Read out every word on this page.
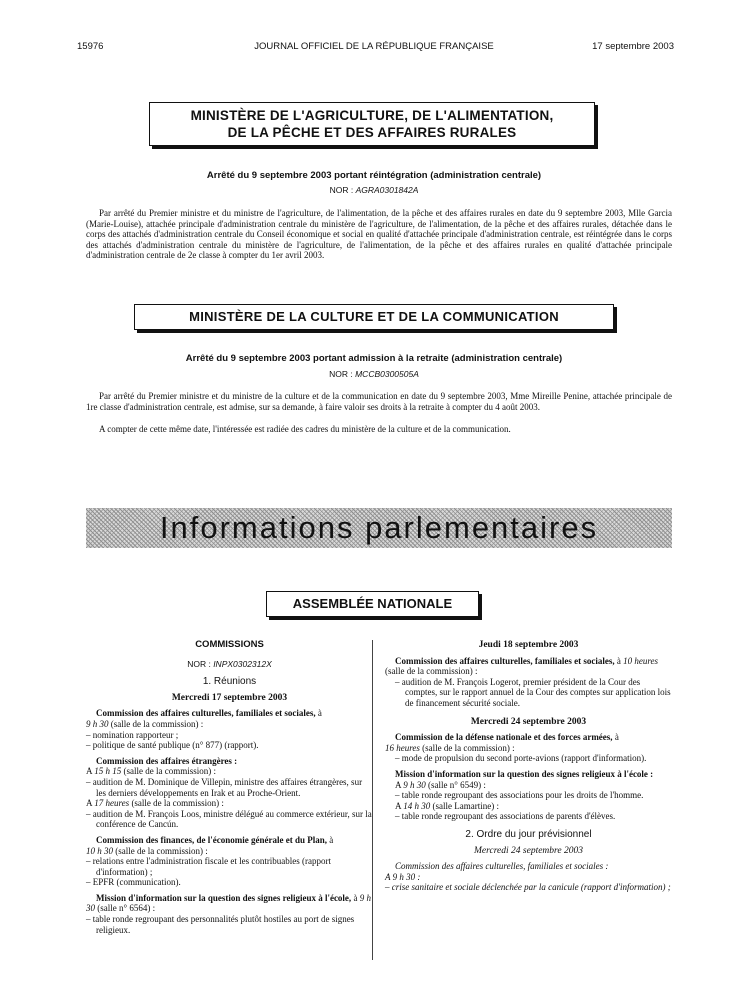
15976	JOURNAL OFFICIEL DE LA RÉPUBLIQUE FRANÇAISE	17 septembre 2003
MINISTÈRE DE L'AGRICULTURE, DE L'ALIMENTATION,
DE LA PÊCHE ET DES AFFAIRES RURALES
Arrêté du 9 septembre 2003 portant réintégration (administration centrale)
NOR : AGRA0301842A
Par arrêté du Premier ministre et du ministre de l'agriculture, de l'alimentation, de la pêche et des affaires rurales en date du 9 septembre 2003, Mlle Garcia (Marie-Louise), attachée principale d'administration centrale du ministère de l'agriculture, de l'alimentation, de la pêche et des affaires rurales, détachée dans le corps des attachés d'administration centrale du Conseil économique et social en qualité d'attachée principale d'administration centrale, est réintégrée dans le corps des attachés d'administration centrale du ministère de l'agriculture, de l'alimentation, de la pêche et des affaires rurales en qualité d'attachée principale d'administration centrale de 2e classe à compter du 1er avril 2003.
MINISTÈRE DE LA CULTURE ET DE LA COMMUNICATION
Arrêté du 9 septembre 2003 portant admission à la retraite (administration centrale)
NOR : MCCB0300505A
Par arrêté du Premier ministre et du ministre de la culture et de la communication en date du 9 septembre 2003, Mme Mireille Penine, attachée principale de 1re classe d'administration centrale, est admise, sur sa demande, à faire valoir ses droits à la retraite à compter du 4 août 2003.
A compter de cette même date, l'intéressée est radiée des cadres du ministère de la culture et de la communication.
Informations parlementaires
ASSEMBLÉE NATIONALE
COMMISSIONS
NOR : INPX0302312X
1. Réunions
Mercredi 17 septembre 2003
Commission des affaires culturelles, familiales et sociales, à
9 h 30 (salle de la commission) :
– nomination rapporteur ;
– politique de santé publique (n° 877) (rapport).
Commission des affaires étrangères :
A 15 h 15 (salle de la commission) :
– audition de M. Dominique de Villepin, ministre des affaires étrangères, sur les derniers développements en Irak et au Proche-Orient.
A 17 heures (salle de la commission) :
– audition de M. François Loos, ministre délégué au commerce extérieur, sur la conférence de Cancún.
Commission des finances, de l'économie générale et du Plan, à
10 h 30 (salle de la commission) :
– relations entre l'administration fiscale et les contribuables (rapport d'information) ;
– EPFR (communication).
Mission d'information sur la question des signes religieux à l'école, à 9 h 30 (salle n° 6564) :
– table ronde regroupant des personnalités plutôt hostiles au port de signes religieux.
Jeudi 18 septembre 2003
Commission des affaires culturelles, familiales et sociales, à 10 heures (salle de la commission) :
– audition de M. François Logerot, premier président de la Cour des comptes, sur le rapport annuel de la Cour des comptes sur application lois de financement sécurité sociale.
Mercredi 24 septembre 2003
Commission de la défense nationale et des forces armées, à
16 heures (salle de la commission) :
– mode de propulsion du second porte-avions (rapport d'information).
Mission d'information sur la question des signes religieux à l'école :
A 9 h 30 (salle n° 6549) :
– table ronde regroupant des associations pour les droits de l'homme.
A 14 h 30 (salle Lamartine) :
– table ronde regroupant des associations de parents d'élèves.
2. Ordre du jour prévisionnel
Mercredi 24 septembre 2003
Commission des affaires culturelles, familiales et sociales :
A 9 h 30 :
– crise sanitaire et sociale déclenchée par la canicule (rapport d'information) ;
